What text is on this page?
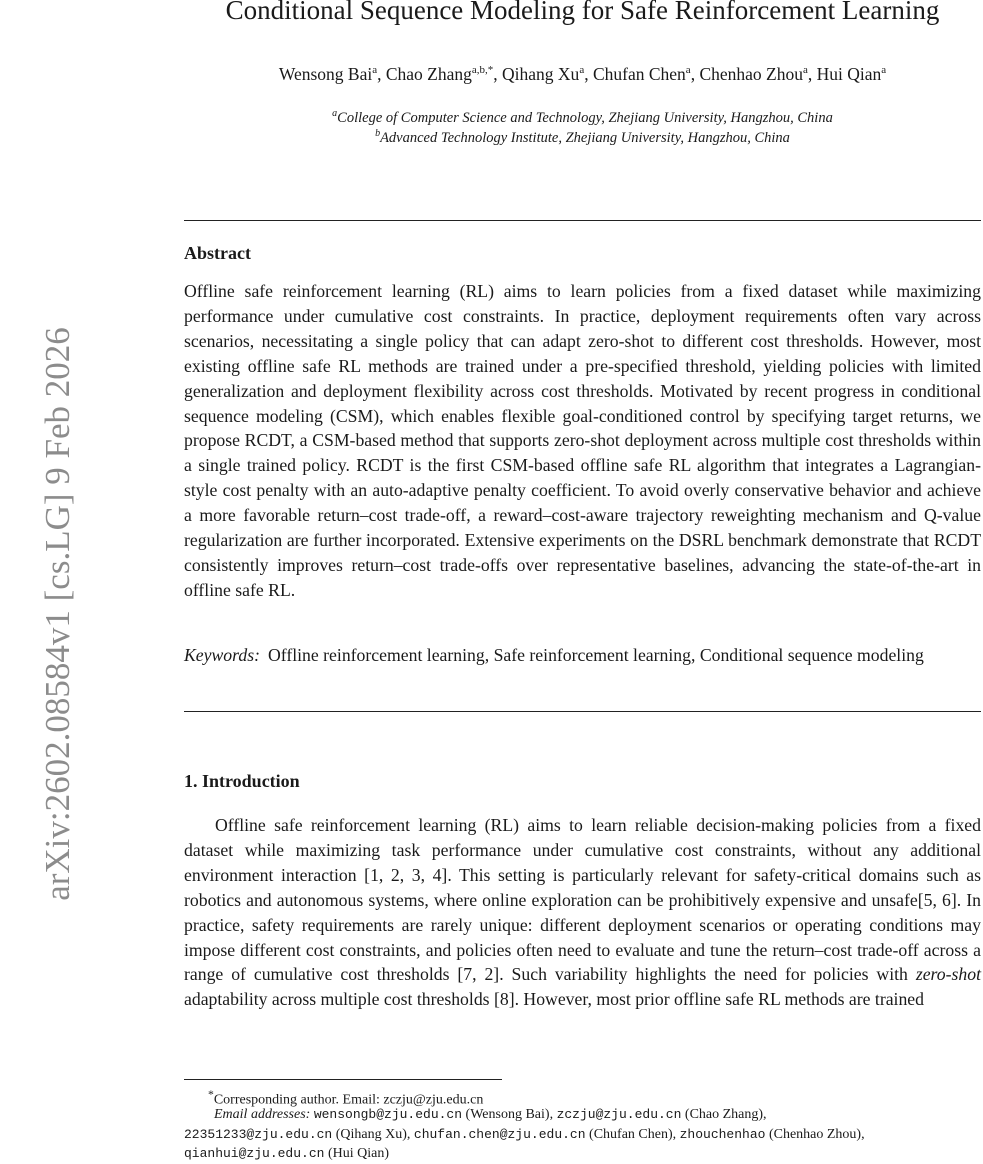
arXiv:2602.08584v1 [cs.LG] 9 Feb 2026
Conditional Sequence Modeling for Safe Reinforcement Learning
Wensong Bai$^a$, Chao Zhang$^{a,b,*}$, Qihang Xu$^a$, Chufan Chen$^a$, Chenhao Zhou$^a$, Hui Qian$^a$
$^a$College of Computer Science and Technology, Zhejiang University, Hangzhou, China
$^b$Advanced Technology Institute, Zhejiang University, Hangzhou, China
Abstract
Offline safe reinforcement learning (RL) aims to learn policies from a fixed dataset while maximizing performance under cumulative cost constraints. In practice, deployment requirements often vary across scenarios, necessitating a single policy that can adapt zero-shot to different cost thresholds. However, most existing offline safe RL methods are trained under a pre-specified threshold, yielding policies with limited generalization and deployment flexibility across cost thresholds. Motivated by recent progress in conditional sequence modeling (CSM), which enables flexible goal-conditioned control by specifying target returns, we propose RCDT, a CSM-based method that supports zero-shot deployment across multiple cost thresholds within a single trained policy. RCDT is the first CSM-based offline safe RL algorithm that integrates a Lagrangian-style cost penalty with an auto-adaptive penalty coefficient. To avoid overly conservative behavior and achieve a more favorable return–cost trade-off, a reward–cost-aware trajectory reweighting mechanism and Q-value regularization are further incorporated. Extensive experiments on the DSRL benchmark demonstrate that RCDT consistently improves return–cost trade-offs over representative baselines, advancing the state-of-the-art in offline safe RL.
Keywords: Offline reinforcement learning, Safe reinforcement learning, Conditional sequence modeling
1. Introduction
Offline safe reinforcement learning (RL) aims to learn reliable decision-making policies from a fixed dataset while maximizing task performance under cumulative cost constraints, without any additional environment interaction [1, 2, 3, 4]. This setting is particularly relevant for safety-critical domains such as robotics and autonomous systems, where online exploration can be prohibitively expensive and unsafe[5, 6]. In practice, safety requirements are rarely unique: different deployment scenarios or operating conditions may impose different cost constraints, and policies often need to evaluate and tune the return–cost trade-off across a range of cumulative cost thresholds [7, 2]. Such variability highlights the need for policies with zero-shot adaptability across multiple cost thresholds [8]. However, most prior offline safe RL methods are trained
*Corresponding author. Email: zczju@zju.edu.cn
Email addresses: wensongb@zju.edu.cn (Wensong Bai), zczju@zju.edu.cn (Chao Zhang),
22351233@zju.edu.cn (Qihang Xu), chufan.chen@zju.edu.cn (Chufan Chen), zhouchenhao (Chenhao Zhou),
qianhui@zju.edu.cn (Hui Qian)
